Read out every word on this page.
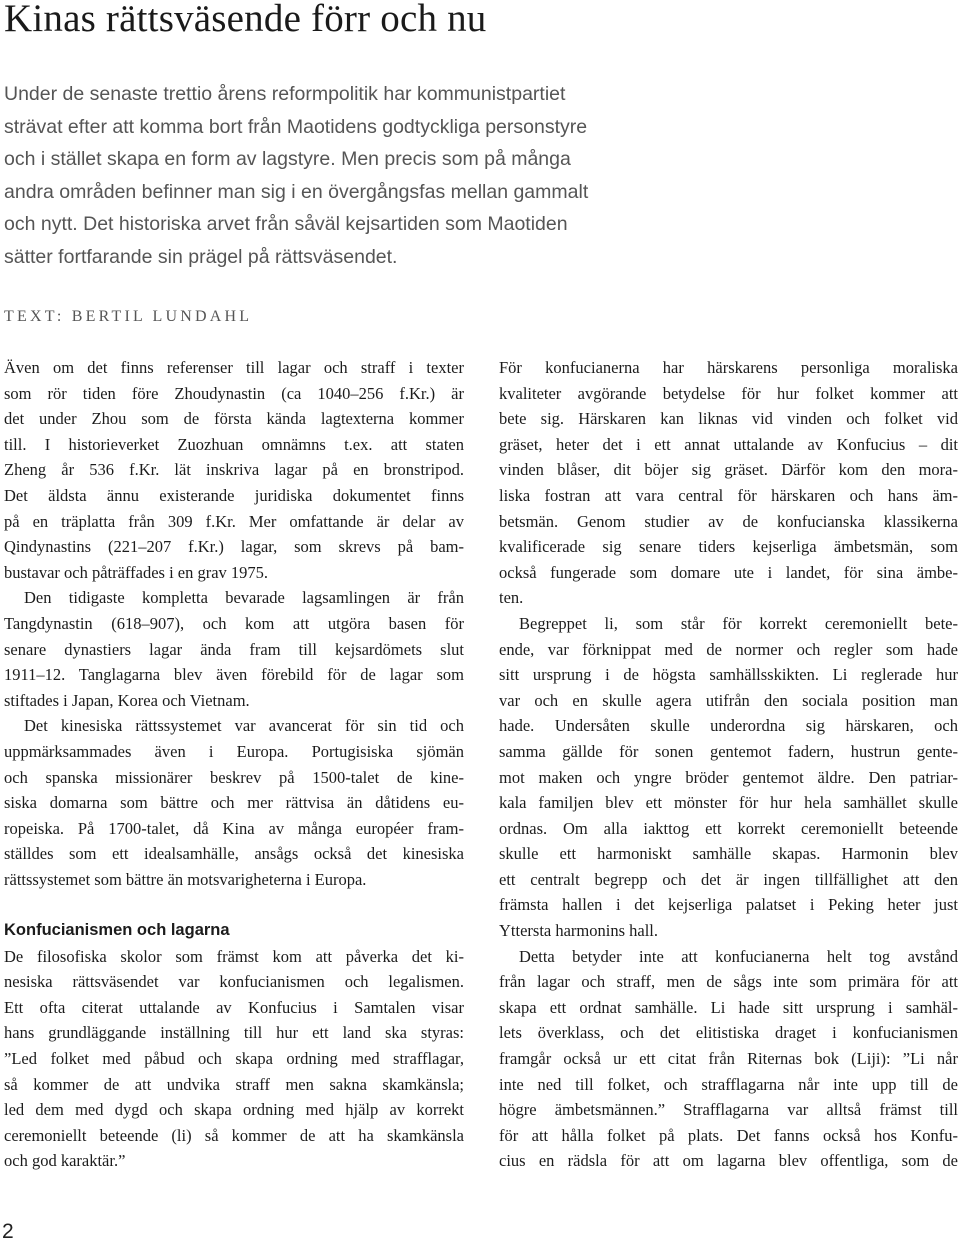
Kinas rättsväsende förr och nu
Under de senaste trettio årens reformpolitik har kommunistpartiet
strävat efter att komma bort från Maotidens godtyckliga personstyre
och i stället skapa en form av lagstyre. Men precis som på många
andra områden befinner man sig i en övergångsfas mellan gammalt
och nytt. Det historiska arvet från såväl kejsartiden som Maotiden
sätter fortfarande sin prägel på rättsväsendet.
TEXT: BERTIL LUNDAHL
Även om det finns referenser till lagar och straff i texter
som rör tiden före Zhoudynastin (ca 1040–256 f.Kr.) är
det under Zhou som de första kända lagtexterna kommer
till. I historieverket Zuozhuan omnämns t.ex. att staten
Zheng år 536 f.Kr. lät inskriva lagar på en bronstripod.
Det äldsta ännu existerande juridiska dokumentet finns
på en träplatta från 309 f.Kr. Mer omfattande är delar av
Qindynastins (221–207 f.Kr.) lagar, som skrevs på bam-
bustavar och påträffades i en grav 1975.
Den tidigaste kompletta bevarade lagsamlingen är från
Tangdynastin (618–907), och kom att utgöra basen för
senare dynastiers lagar ända fram till kejsardömets slut
1911–12. Tanglagarna blev även förebild för de lagar som
stiftades i Japan, Korea och Vietnam.
Det kinesiska rättssystemet var avancerat för sin tid och
uppmärksammades även i Europa. Portugisiska sjömän
och spanska missionärer beskrev på 1500-talet de kine-
siska domarna som bättre och mer rättvisa än dåtidens eu-
ropeiska. På 1700-talet, då Kina av många européer fram-
ställdes som ett idealsamhälle, ansågs också det kinesiska
rättssystemet som bättre än motsvarigheterna i Europa.
Konfucianismen och lagarna
De filosofiska skolor som främst kom att påverka det ki-
nesiska rättsväsendet var konfucianismen och legalismen.
Ett ofta citerat uttalande av Konfucius i Samtalen visar
hans grundläggande inställning till hur ett land ska styras:
”Led folket med påbud och skapa ordning med strafflagar,
så kommer de att undvika straff men sakna skamkänsla;
led dem med dygd och skapa ordning med hjälp av korrekt
ceremoniellt beteende (li) så kommer de att ha skamkänsla
och god karaktär.”
För konfucianerna har härskarens personliga moraliska
kvaliteter avgörande betydelse för hur folket kommer att
bete sig. Härskaren kan liknas vid vinden och folket vid
gräset, heter det i ett annat uttalande av Konfucius – dit
vinden blåser, dit böjer sig gräset. Därför kom den mora-
liska fostran att vara central för härskaren och hans äm-
betsmän. Genom studier av de konfucianska klassikerna
kvalificerade sig senare tiders kejserliga ämbetsmän, som
också fungerade som domare ute i landet, för sina ämbe-
ten.
Begreppet li, som står för korrekt ceremoniellt bete-
ende, var förknippat med de normer och regler som hade
sitt ursprung i de högsta samhällsskikten. Li reglerade hur
var och en skulle agera utifrån den sociala position man
hade. Undersåten skulle underordna sig härskaren, och
samma gällde för sonen gentemot fadern, hustrun gente-
mot maken och yngre bröder gentemot äldre. Den patriar-
kala familjen blev ett mönster för hur hela samhället skulle
ordnas. Om alla iakttog ett korrekt ceremoniellt beteende
skulle ett harmoniskt samhälle skapas. Harmonin blev
ett centralt begrepp och det är ingen tillfällighet att den
främsta hallen i det kejserliga palatset i Peking heter just
Yttersta harmonins hall.
Detta betyder inte att konfucianerna helt tog avstånd
från lagar och straff, men de sågs inte som primära för att
skapa ett ordnat samhälle. Li hade sitt ursprung i samhäl-
lets överklass, och det elitistiska draget i konfucianismen
framgår också ur ett citat från Riternas bok (Liji): ”Li når
inte ned till folket, och strafflagarna når inte upp till de
högre ämbetsmännen.” Strafflagarna var alltså främst till
för att hålla folket på plats. Det fanns också hos Konfu-
cius en rädsla för att om lagarna blev offentliga, som de
2
